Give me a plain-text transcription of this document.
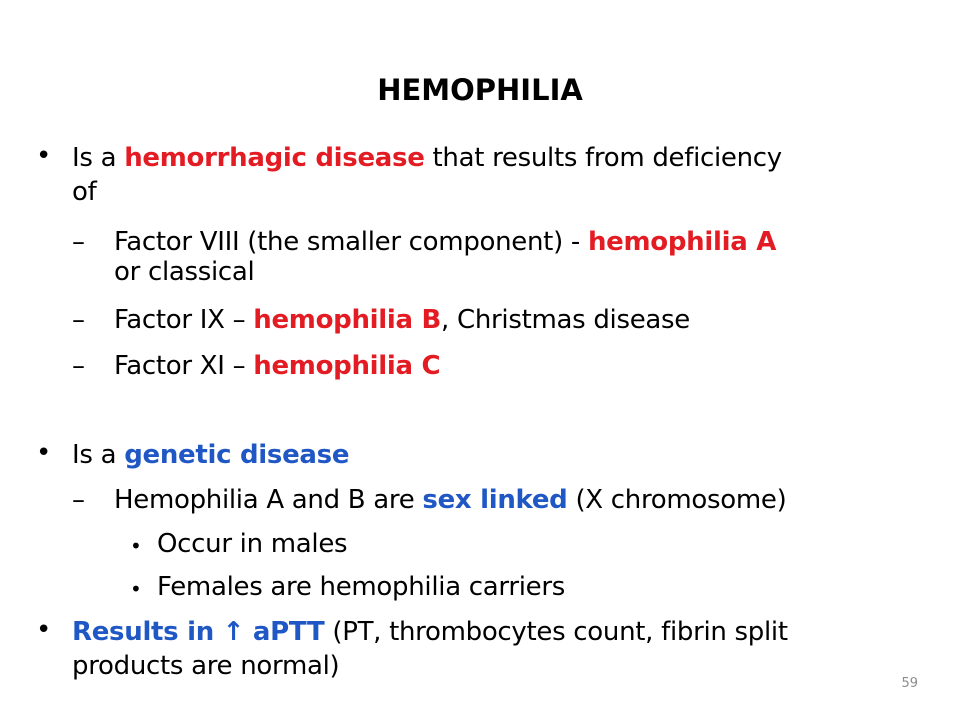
HEMOPHILIA
• Is a hemorrhagic disease that results from deficiency
of
– Factor VIII (the smaller component) - hemophilia A
or classical
– Factor IX – hemophilia B, Christmas disease
– Factor XI – hemophilia C
• Is a genetic disease
– Hemophilia A and B are sex linked (X chromosome)
• Occur in males
• Females are hemophilia carriers
• Results in ↑ aPTT (PT, thrombocytes count, fibrin split
products are normal)
59
